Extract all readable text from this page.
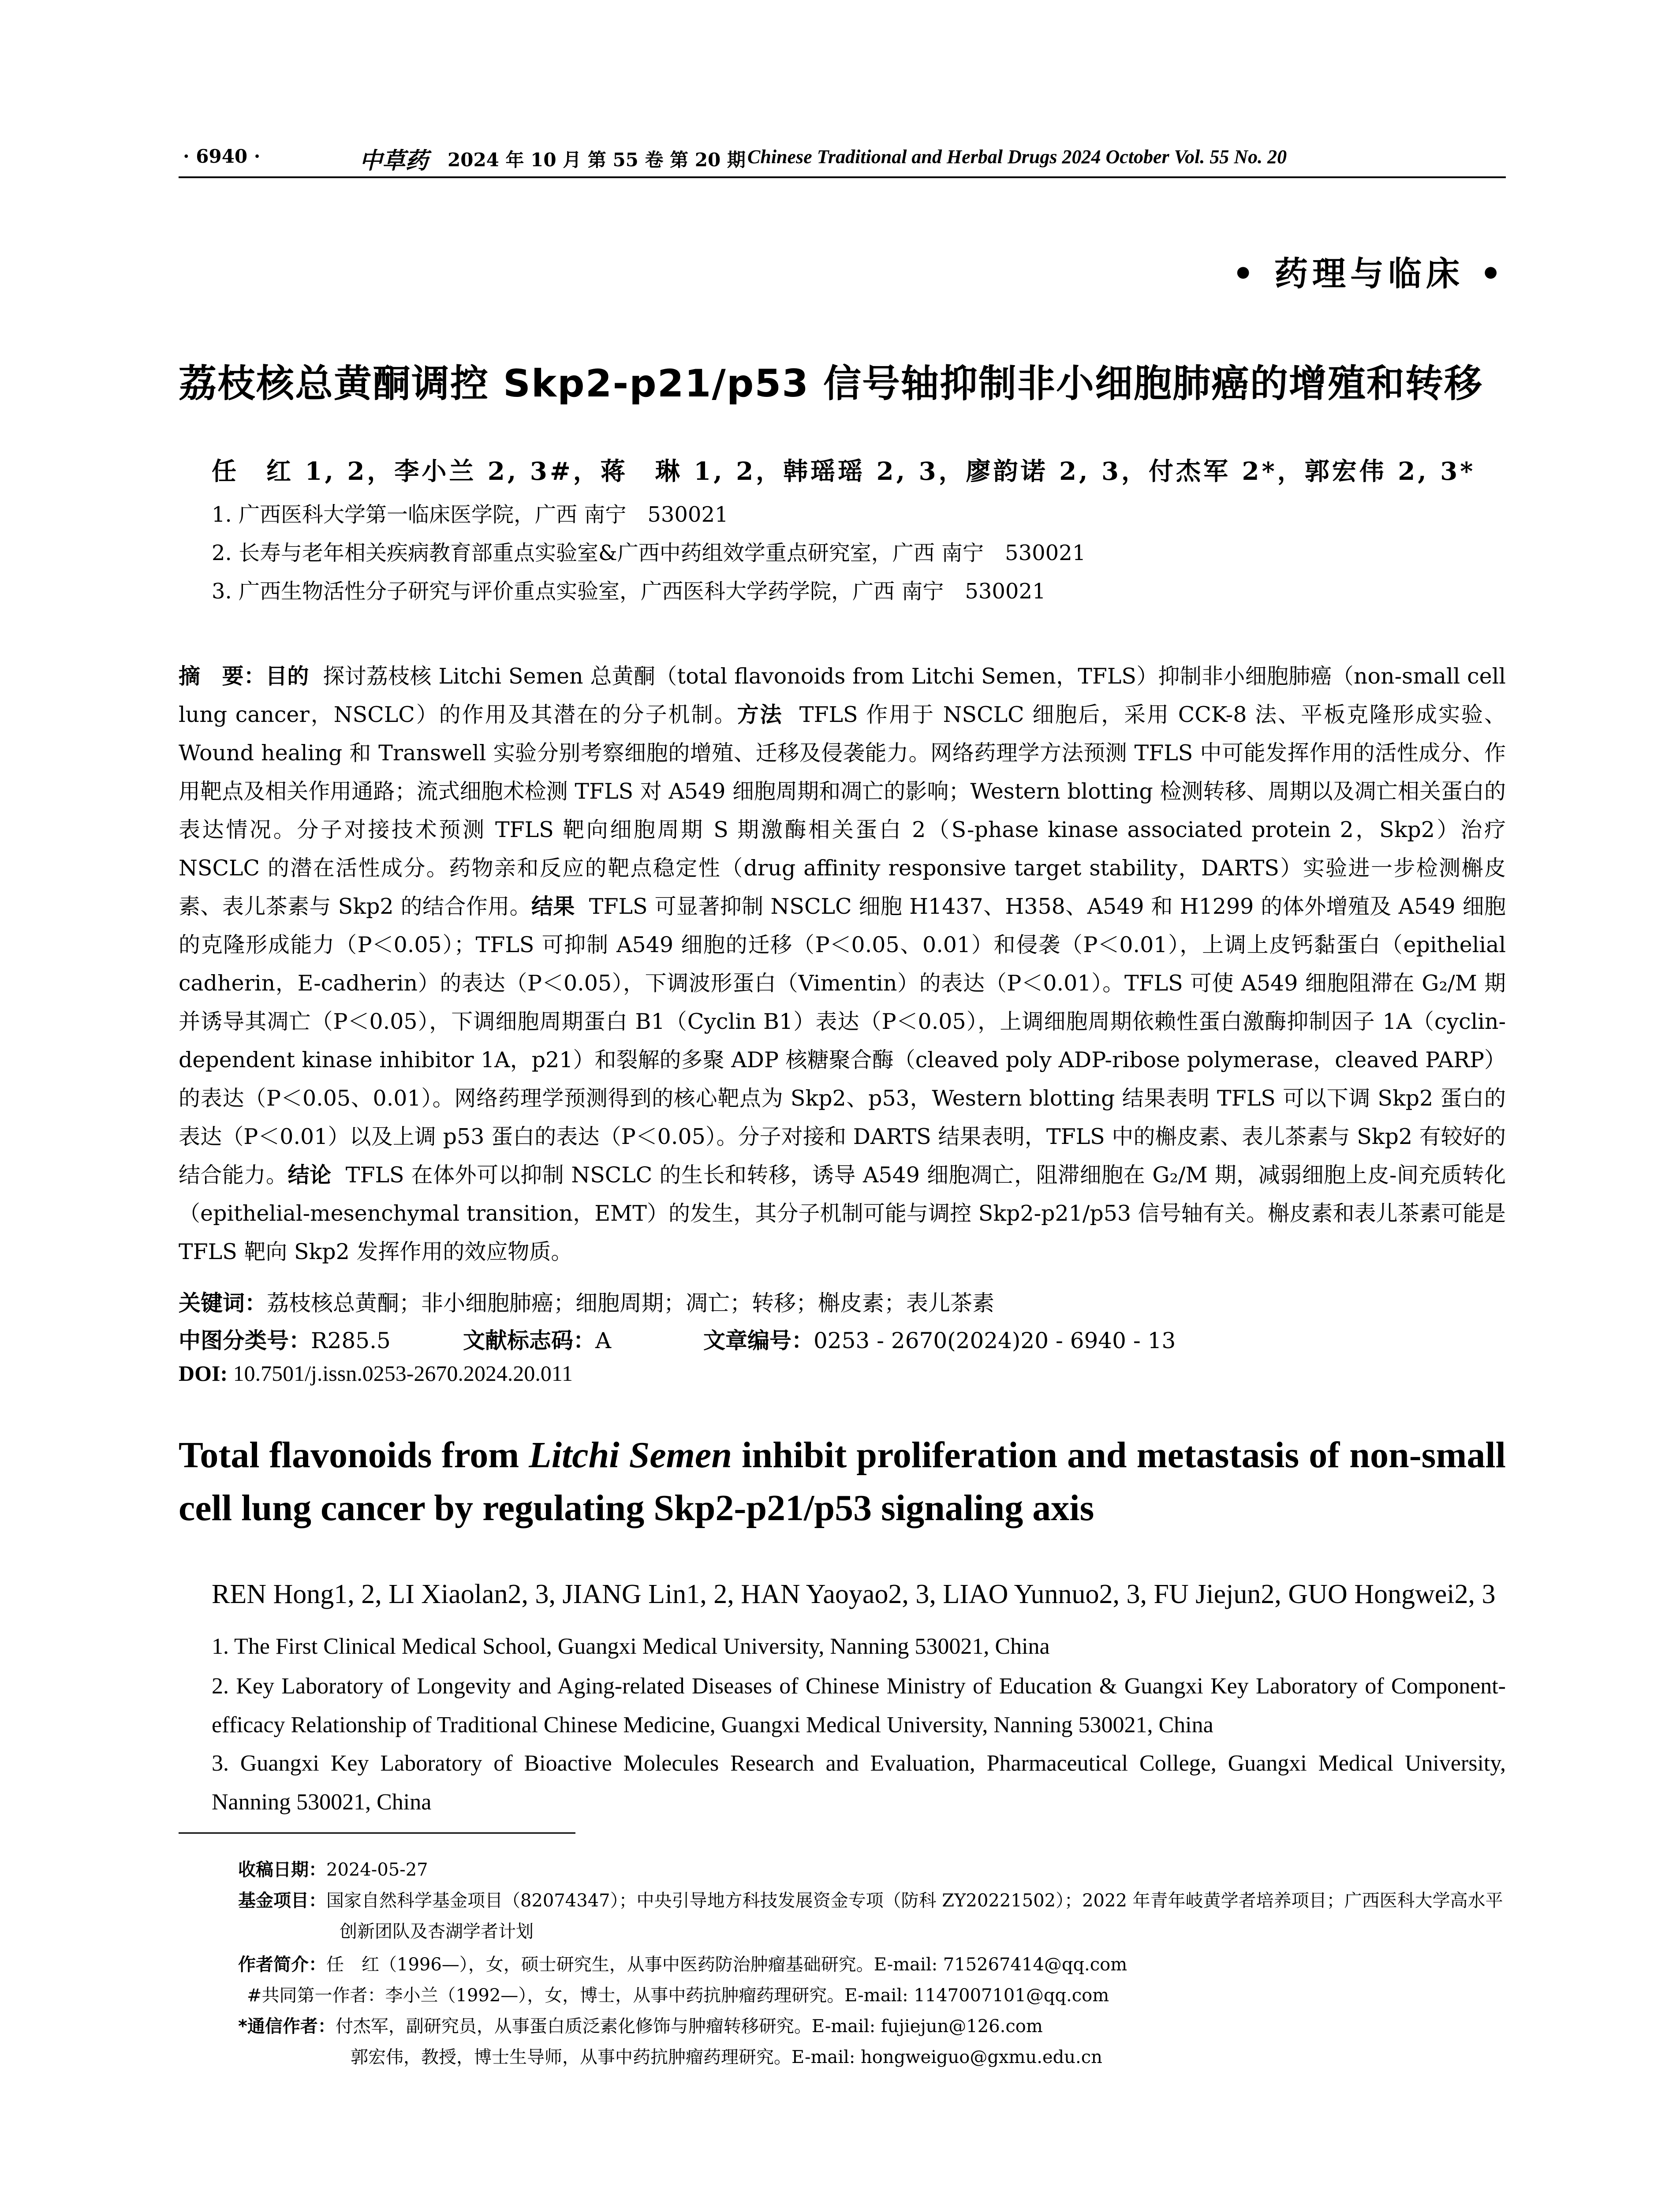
· 6940 ·	中草药 2024 年 10 月 第 55 卷 第 20 期 Chinese Traditional and Herbal Drugs 2024 October Vol. 55 No. 20
• 药理与临床 •
荔枝核总黄酮调控 Skp2-p21/p53 信号轴抑制非小细胞肺癌的增殖和转移
任　红 1, 2，李小兰 2, 3#，蒋　琳 1, 2，韩瑶瑶 2, 3，廖韵诺 2, 3，付杰军 2*，郭宏伟 2, 3*
1. 广西医科大学第一临床医学院，广西 南宁　530021
2. 长寿与老年相关疾病教育部重点实验室&广西中药组效学重点研究室，广西 南宁　530021
3. 广西生物活性分子研究与评价重点实验室，广西医科大学药学院，广西 南宁　530021
摘　要：目的 探讨荔枝核 Litchi Semen 总黄酮（total flavonoids from Litchi Semen，TFLS）抑制非小细胞肺癌（non-small cell lung cancer，NSCLC）的作用及其潜在的分子机制。方法 TFLS 作用于 NSCLC 细胞后，采用 CCK-8 法、平板克隆形成实验、Wound healing 和 Transwell 实验分别考察细胞的增殖、迁移及侵袭能力。网络药理学方法预测 TFLS 中可能发挥作用的活性成分、作用靶点及相关作用通路；流式细胞术检测 TFLS 对 A549 细胞周期和凋亡的影响；Western blotting 检测转移、周期以及凋亡相关蛋白的表达情况。分子对接技术预测 TFLS 靶向细胞周期 S 期激酶相关蛋白 2（S-phase kinase associated protein 2，Skp2）治疗 NSCLC 的潜在活性成分。药物亲和反应的靶点稳定性（drug affinity responsive target stability，DARTS）实验进一步检测槲皮素、表儿茶素与 Skp2 的结合作用。结果 TFLS 可显著抑制 NSCLC 细胞 H1437、H358、A549 和 H1299 的体外增殖及 A549 细胞的克隆形成能力（P＜0.05）；TFLS 可抑制 A549 细胞的迁移（P＜0.05、0.01）和侵袭（P＜0.01），上调上皮钙黏蛋白（epithelial cadherin，E-cadherin）的表达（P＜0.05），下调波形蛋白（Vimentin）的表达（P＜0.01）。TFLS 可使 A549 细胞阻滞在 G₂/M 期并诱导其凋亡（P＜0.05），下调细胞周期蛋白 B1（Cyclin B1）表达（P＜0.05），上调细胞周期依赖性蛋白激酶抑制因子 1A（cyclin-dependent kinase inhibitor 1A，p21）和裂解的多聚 ADP 核糖聚合酶（cleaved poly ADP-ribose polymerase，cleaved PARP）的表达（P＜0.05、0.01）。网络药理学预测得到的核心靶点为 Skp2、p53，Western blotting 结果表明 TFLS 可以下调 Skp2 蛋白的表达（P＜0.01）以及上调 p53 蛋白的表达（P＜0.05）。分子对接和 DARTS 结果表明，TFLS 中的槲皮素、表儿茶素与 Skp2 有较好的结合能力。结论 TFLS 在体外可以抑制 NSCLC 的生长和转移，诱导 A549 细胞凋亡，阻滞细胞在 G₂/M 期，减弱细胞上皮-间充质转化（epithelial-mesenchymal transition，EMT）的发生，其分子机制可能与调控 Skp2-p21/p53 信号轴有关。槲皮素和表儿茶素可能是 TFLS 靶向 Skp2 发挥作用的效应物质。
关键词：荔枝核总黄酮；非小细胞肺癌；细胞周期；凋亡；转移；槲皮素；表儿茶素
中图分类号：R285.5	文献标志码：A	文章编号：0253 - 2670(2024)20 - 6940 - 13
DOI: 10.7501/j.issn.0253-2670.2024.20.011
Total flavonoids from Litchi Semen inhibit proliferation and metastasis of non-small cell lung cancer by regulating Skp2-p21/p53 signaling axis
REN Hong1, 2, LI Xiaolan2, 3, JIANG Lin1, 2, HAN Yaoyao2, 3, LIAO Yunnuo2, 3, FU Jiejun2, GUO Hongwei2, 3
1. The First Clinical Medical School, Guangxi Medical University, Nanning 530021, China
2. Key Laboratory of Longevity and Aging-related Diseases of Chinese Ministry of Education & Guangxi Key Laboratory of Component-efficacy Relationship of Traditional Chinese Medicine, Guangxi Medical University, Nanning 530021, China
3. Guangxi Key Laboratory of Bioactive Molecules Research and Evaluation, Pharmaceutical College, Guangxi Medical University, Nanning 530021, China
收稿日期：2024-05-27
基金项目：国家自然科学基金项目（82074347）；中央引导地方科技发展资金专项（防科 ZY20221502）；2022 年青年岐黄学者培养项目；广西医科大学高水平创新团队及杏湖学者计划
作者简介：任　红（1996—），女，硕士研究生，从事中医药防治肿瘤基础研究。E-mail: 715267414@qq.com
#共同第一作者：李小兰（1992—），女，博士，从事中药抗肿瘤药理研究。E-mail: 1147007101@qq.com
*通信作者：付杰军，副研究员，从事蛋白质泛素化修饰与肿瘤转移研究。E-mail: fujiejun@126.com
郭宏伟，教授，博士生导师，从事中药抗肿瘤药理研究。E-mail: hongweiguo@gxmu.edu.cn
